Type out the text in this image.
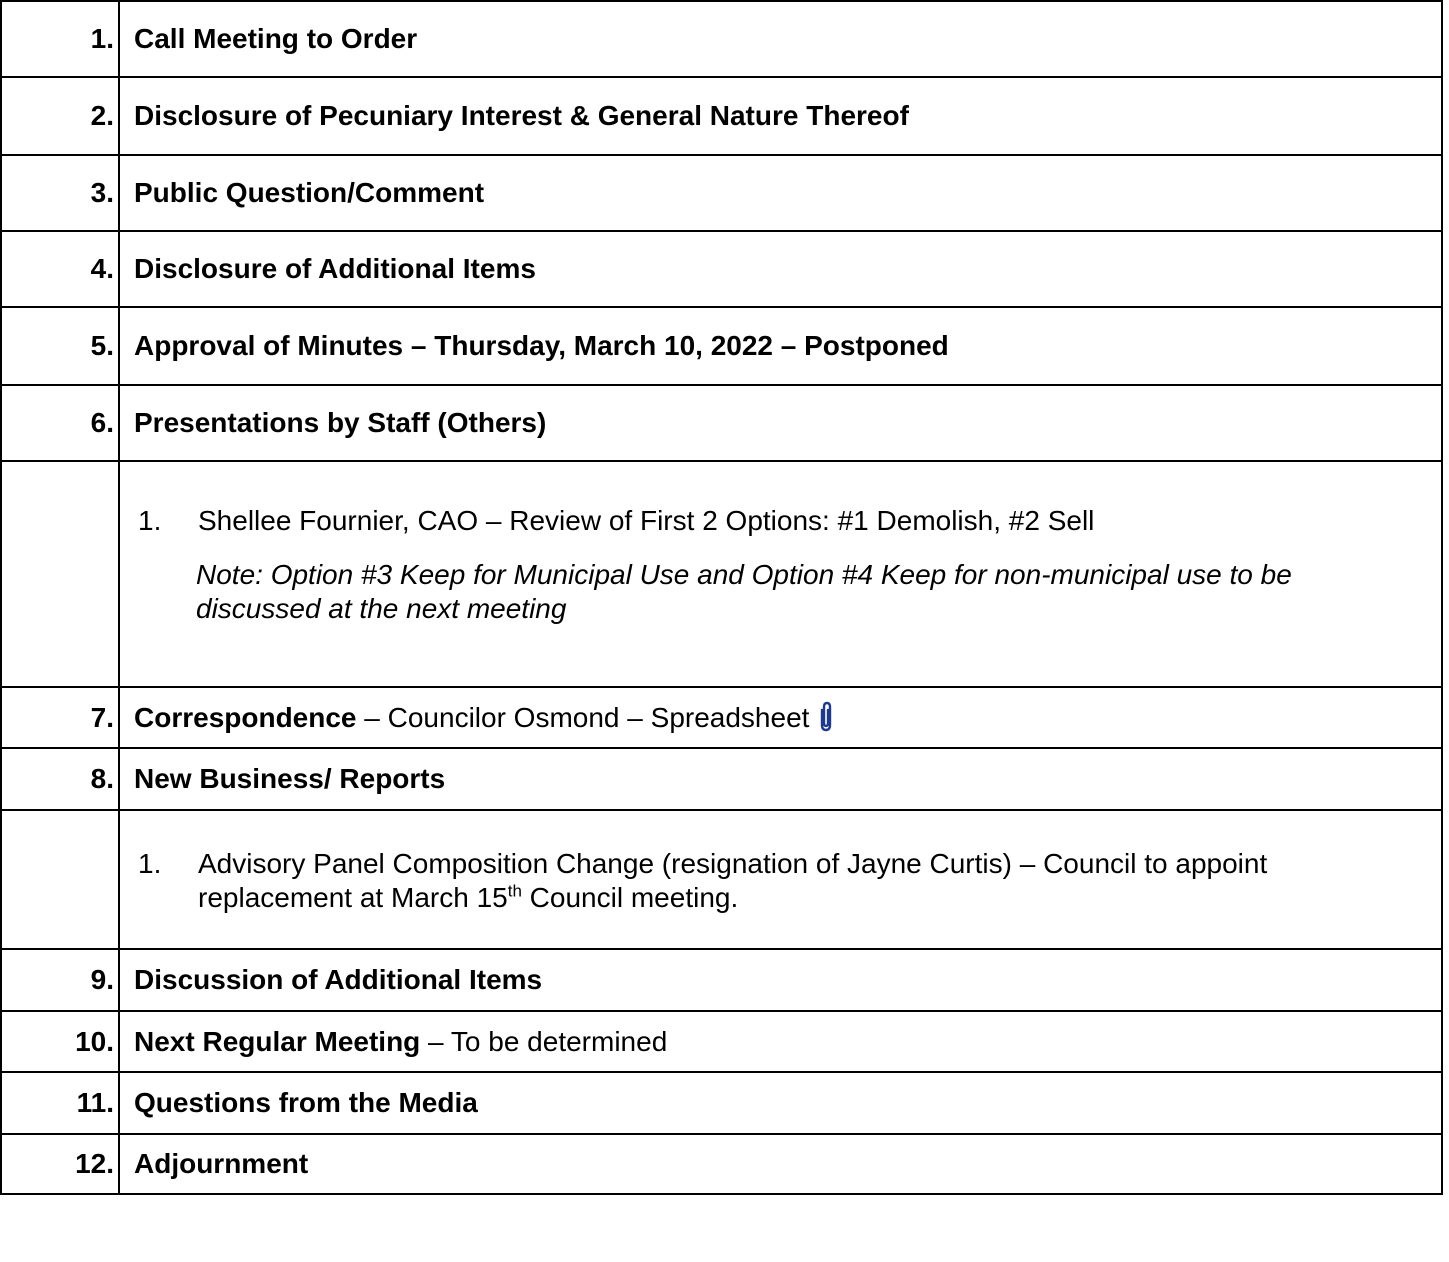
1.	Call Meeting to Order
2.	Disclosure of Pecuniary Interest & General Nature Thereof
3.	Public Question/Comment
4.	Disclosure of Additional Items
5.	Approval of Minutes – Thursday, March 10, 2022 – Postponed
6.	Presentations by Staff (Others)

	1. Shellee Fournier, CAO – Review of First 2 Options: #1 Demolish, #2 Sell
Note: Option #3 Keep for Municipal Use and Option #4 Keep for non-municipal use to be discussed at the next meeting

7.	Correspondence – Councilor Osmond – Spreadsheet
8.	New Business/ Reports

	1. Advisory Panel Composition Change (resignation of Jayne Curtis) – Council to appoint replacement at March 15th Council meeting.

9.	Discussion of Additional Items
10.	Next Regular Meeting – To be determined
11.	Questions from the Media
12.	Adjournment
